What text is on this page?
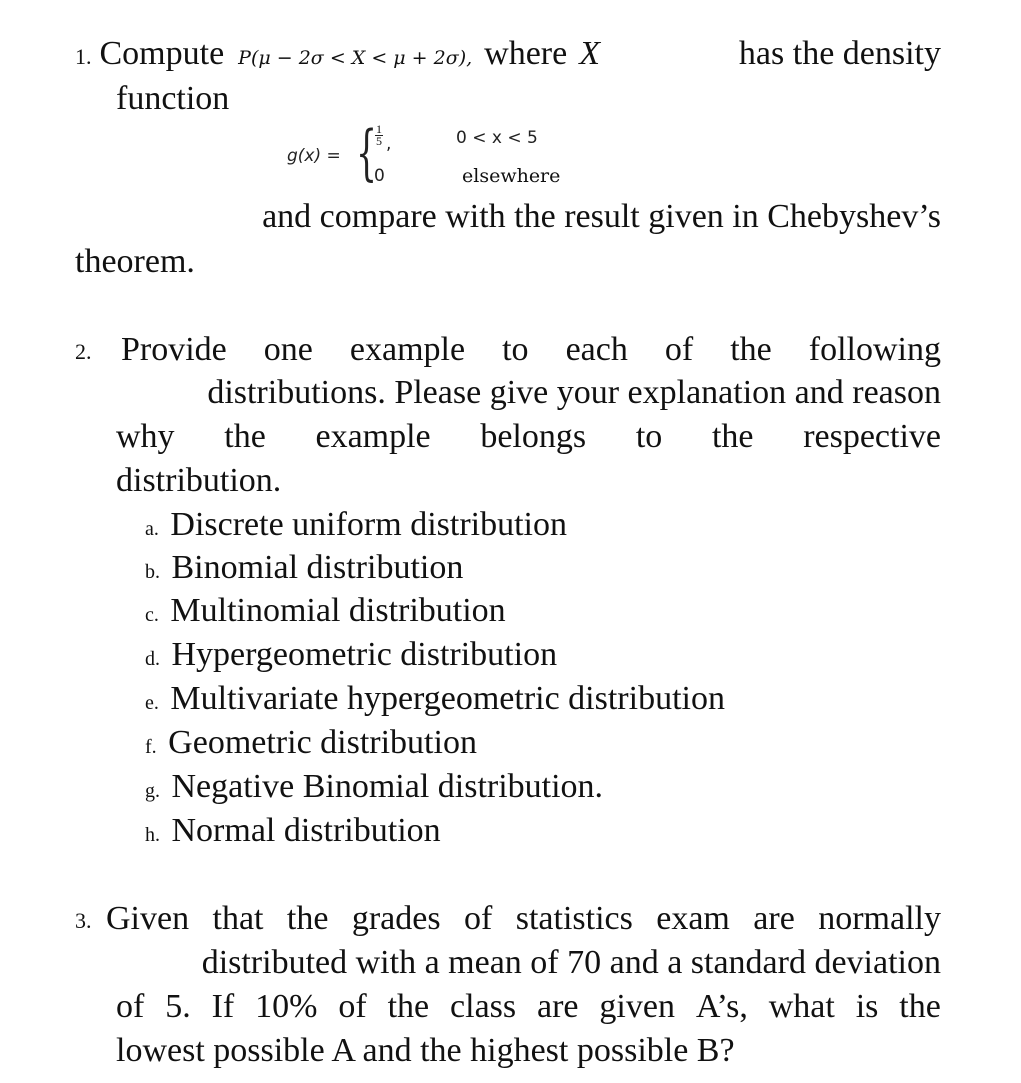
1. Compute P(μ − 2σ < X < μ + 2σ), where X	has the density
function
g(x) = {
1
5 ,	0 < x < 5
0	elsewhere
and compare with the result given in Chebyshev’s
theorem.
2. Provide one example to each of the following
distributions. Please give your explanation and reason
why the example belongs to the respective
distribution.
a. Discrete uniform distribution
b. Binomial distribution
c. Multinomial distribution
d. Hypergeometric distribution
e. Multivariate hypergeometric distribution
f. Geometric distribution
g. Negative Binomial distribution.
h. Normal distribution
3. Given that the grades of statistics exam are normally
distributed with a mean of 70 and a standard deviation
of 5. If 10% of the class are given A’s, what is the
lowest possible A and the highest possible B?
